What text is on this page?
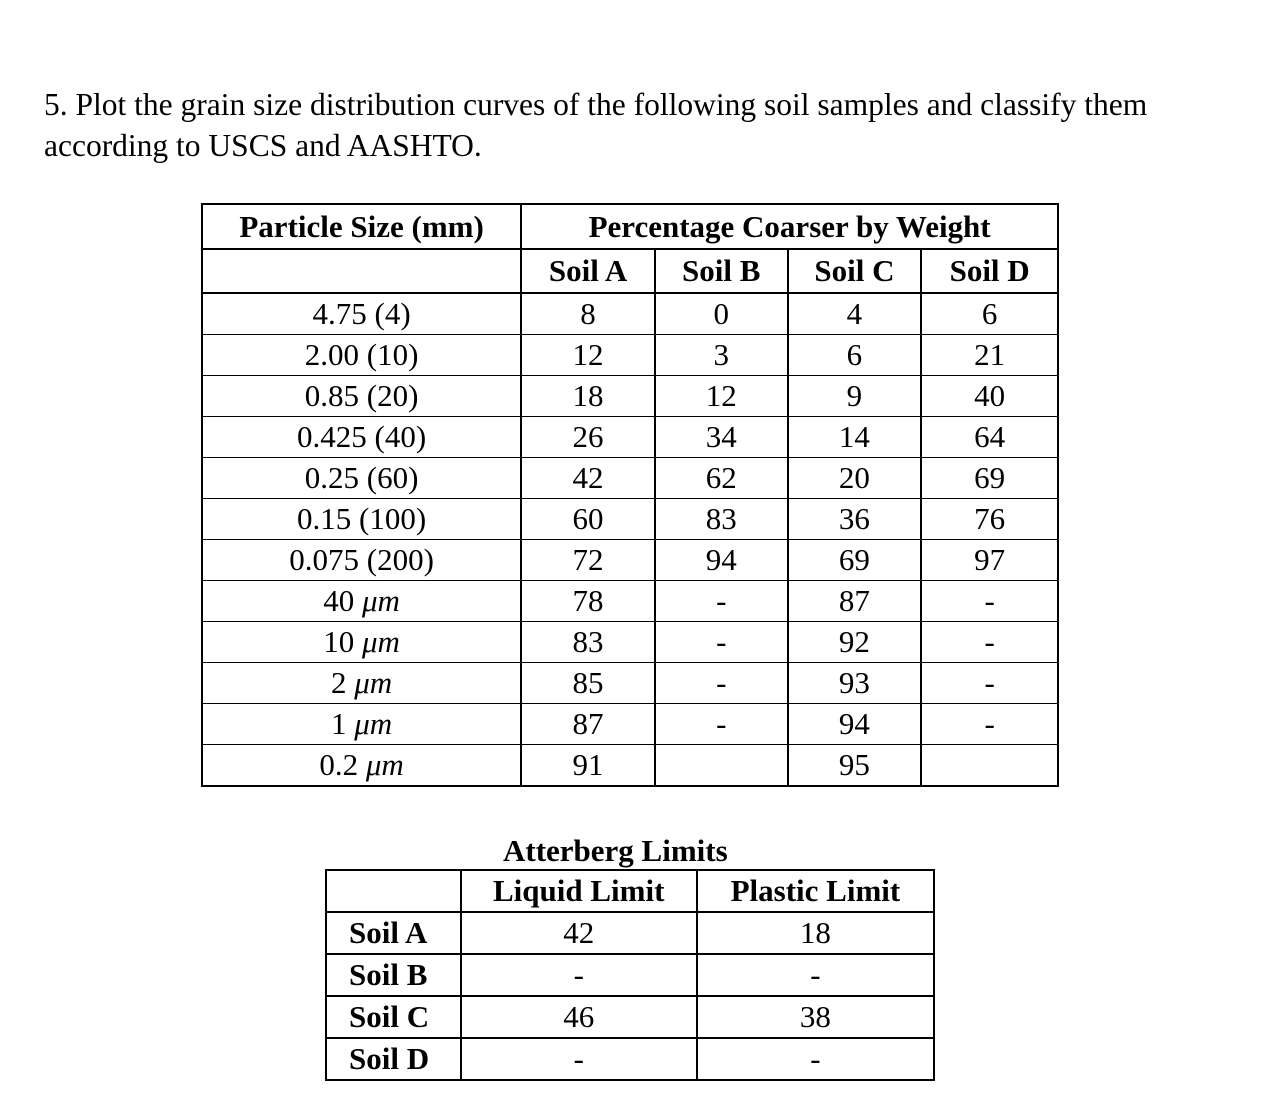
5. Plot the grain size distribution curves of the following soil samples and classify them according to USCS and AASHTO.

Particle Size (mm)	Percentage Coarser by Weight			
	Soil A	Soil B	Soil C	Soil D
4.75 (4)	8	0	4	6
2.00 (10)	12	3	6	21
0.85 (20)	18	12	9	40
0.425 (40)	26	34	14	64
0.25 (60)	42	62	20	69
0.15 (100)	60	83	36	76
0.075 (200)	72	94	69	97
40 μm	78	-	87	-
10 μm	83	-	92	-
2 μm	85	-	93	-
1 μm	87	-	94	-
0.2 μm	91		95	

Atterberg Limits

	Liquid Limit	Plastic Limit
Soil A	42	18
Soil B	-	-
Soil C	46	38
Soil D	-	-
